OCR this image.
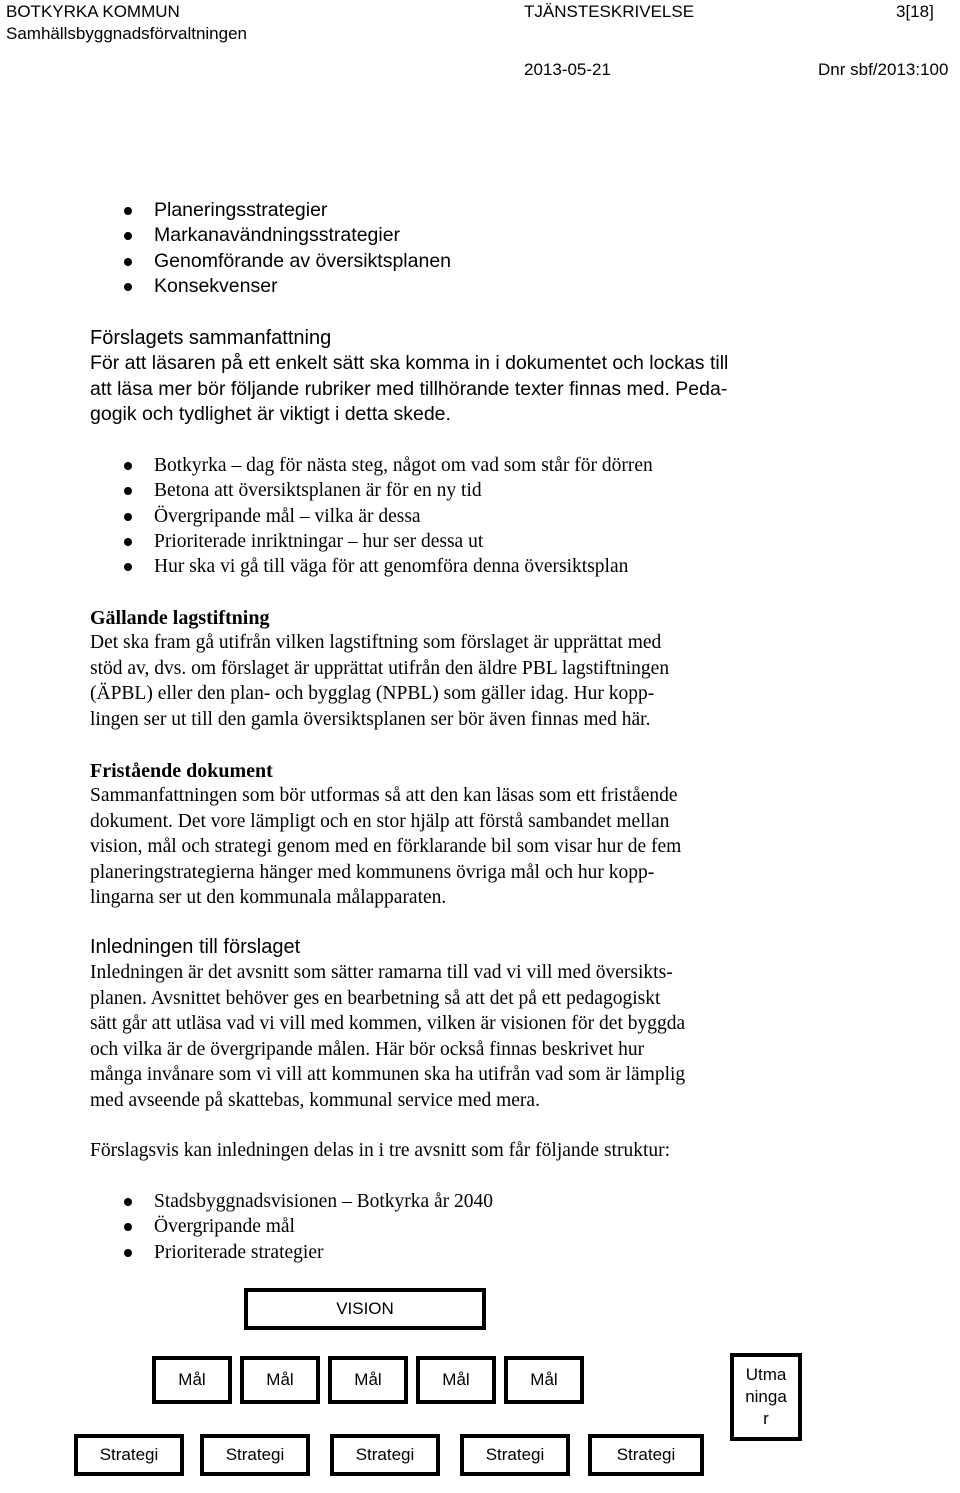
BOTKYRKA KOMMUN
Samhällsbyggnadsförvaltningen
TJÄNSTESKRIVELSE	3[18]
2013-05-21	Dnr sbf/2013:100
Planeringsstrategier
Markanavändningsstrategier
Genomförande av översiktsplanen
Konsekvenser
Förslagets sammanfattning
För att läsaren på ett enkelt sätt ska komma in i dokumentet och lockas till
att läsa mer bör följande rubriker med tillhörande texter finnas med. Peda-
gogik och tydlighet är viktigt i detta skede.
Botkyrka – dag för nästa steg, något om vad som står för dörren
Betona att översiktsplanen är för en ny tid
Övergripande mål – vilka är dessa
Prioriterade inriktningar – hur ser dessa ut
Hur ska vi gå till väga för att genomföra denna översiktsplan
Gällande lagstiftning
Det ska fram gå utifrån vilken lagstiftning som förslaget är upprättat med
stöd av, dvs. om förslaget är upprättat utifrån den äldre PBL lagstiftningen
(ÄPBL) eller den plan- och bygglag (NPBL) som gäller idag. Hur kopp-
lingen ser ut till den gamla översiktsplanen ser bör även finnas med här.
Fristående dokument
Sammanfattningen som bör utformas så att den kan läsas som ett fristående
dokument. Det vore lämpligt och en stor hjälp att förstå sambandet mellan
vision, mål och strategi genom med en förklarande bil som visar hur de fem
planeringstrategierna hänger med kommunens övriga mål och hur kopp-
lingarna ser ut den kommunala målapparaten.
Inledningen till förslaget
Inledningen är det avsnitt som sätter ramarna till vad vi vill med översikts-
planen. Avsnittet behöver ges en bearbetning så att det på ett pedagogiskt
sätt går att utläsa vad vi vill med kommen, vilken är visionen för det byggda
och vilka är de övergripande målen. Här bör också finnas beskrivet hur
många invånare som vi vill att kommunen ska ha utifrån vad som är lämplig
med avseende på skattebas, kommunal service med mera.
Förslagsvis kan inledningen delas in i tre avsnitt som får följande struktur:
Stadsbyggnadsvisionen – Botkyrka år 2040
Övergripande mål
Prioriterade strategier
VISION
Mål	Mål	Mål	Mål	Mål	Utma
ninga
r
Strategi	Strategi	Strategi	Strategi	Strategi
